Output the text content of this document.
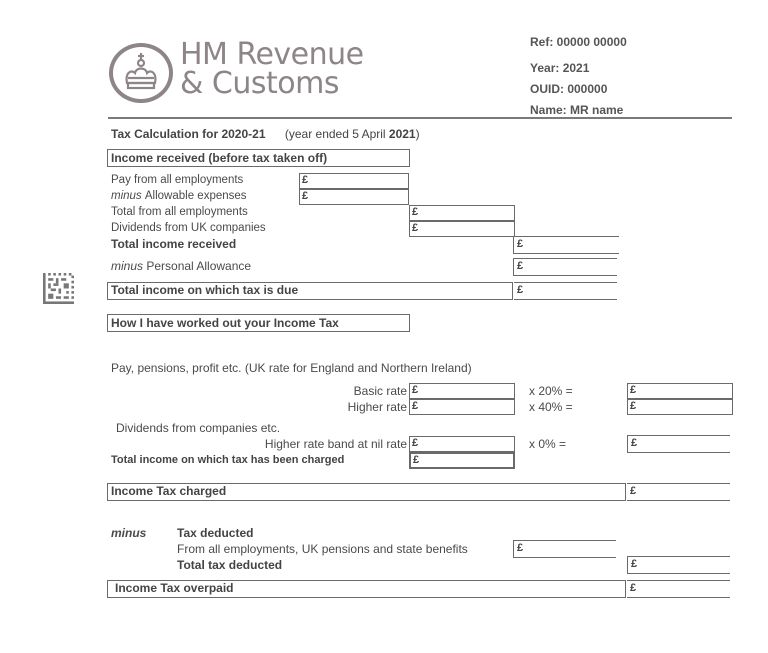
HM Revenue
& Customs
Ref: 00000 00000
Year: 2021
OUID: 000000
Name: MR name
Tax Calculation for 2020-21 (year ended 5 April 2021)
Income received (before tax taken off)
Pay from all employments	£
minus Allowable expenses	£
Total from all employments	£
Dividends from UK companies	£
Total income received	£
minus Personal Allowance	£
Total income on which tax is due	£
How I have worked out your Income Tax
Pay, pensions, profit etc. (UK rate for England and Northern Ireland)
Basic rate £	x 20% =	£
Higher rate £	x 40% =	£
Dividends from companies etc.
Higher rate band at nil rate £	x 0% =	£
Total income on which tax has been charged	£
Income Tax charged	£
minus	Tax deducted
From all employments, UK pensions and state benefits	£
Total tax deducted	£
Income Tax overpaid	£
